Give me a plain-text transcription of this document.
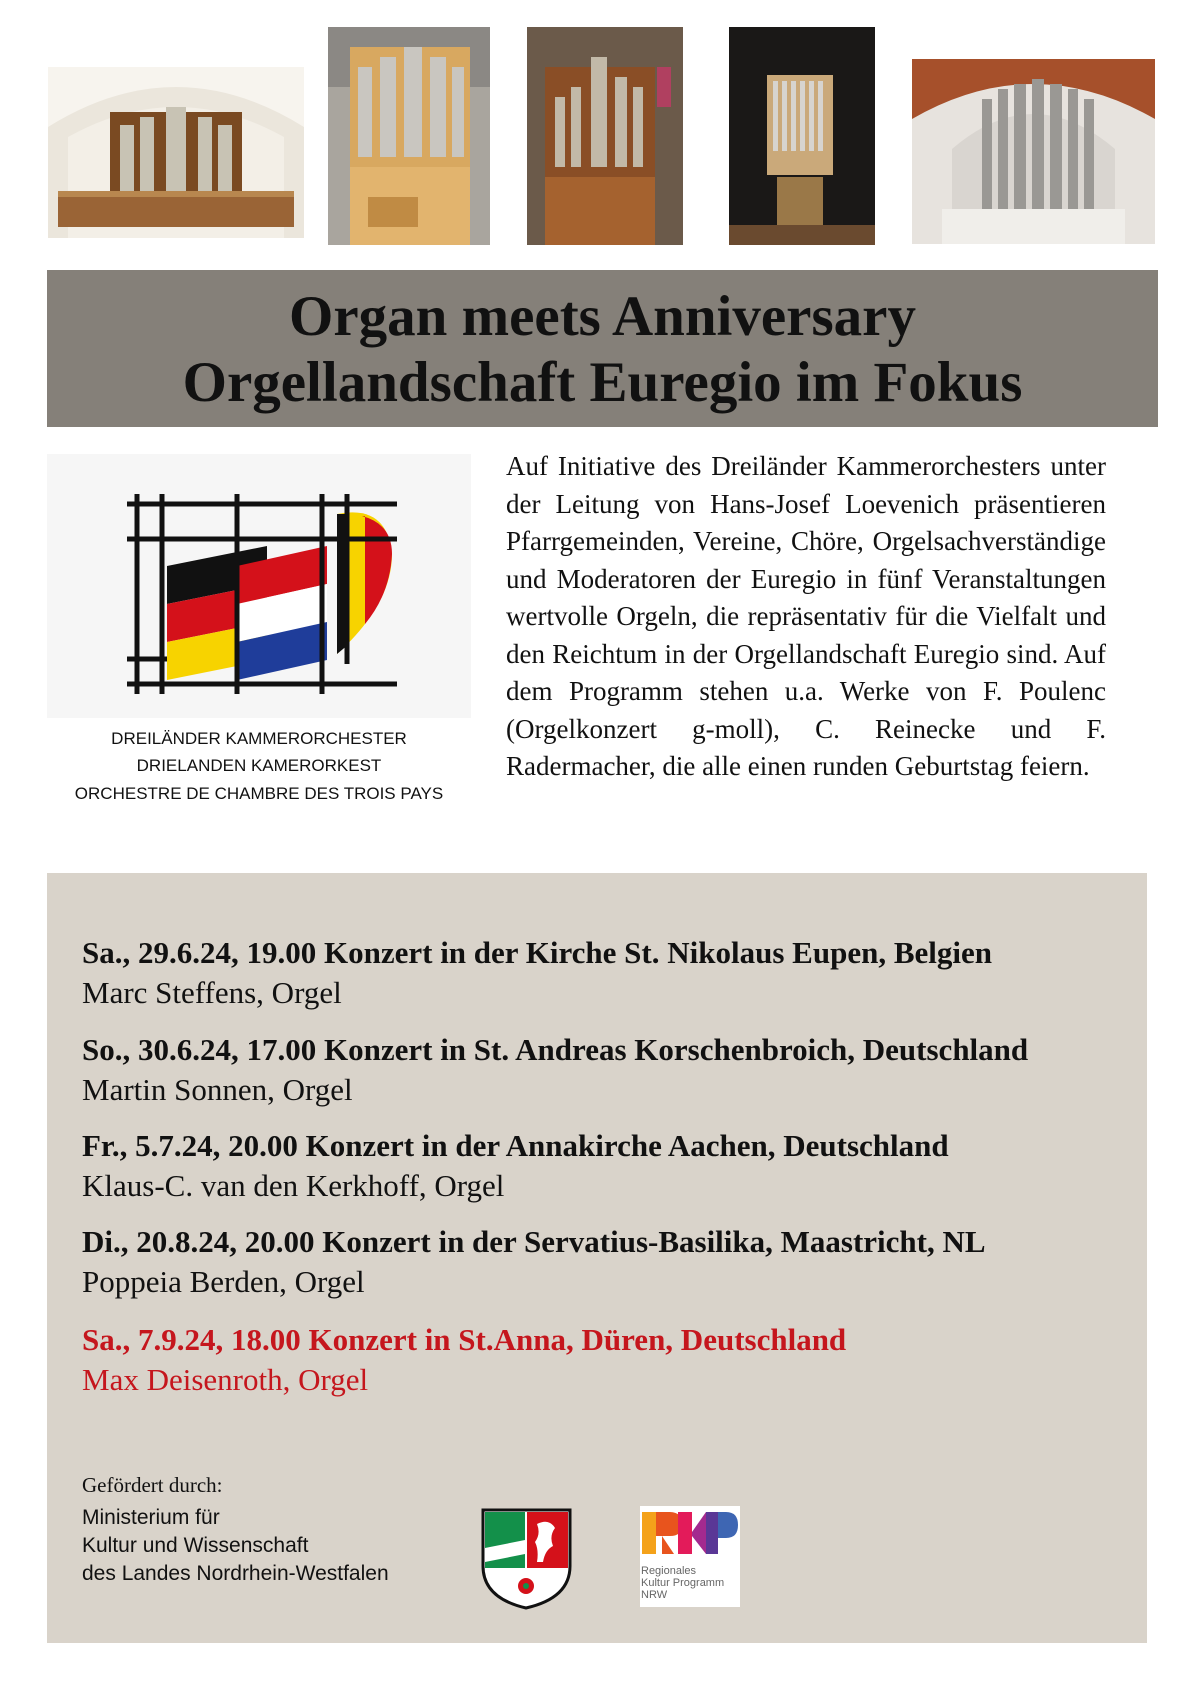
Organ meets Anniversary
Orgellandschaft Euregio im Fokus
DREILÄNDER KAMMERORCHESTER
DRIELANDEN KAMERORKEST
ORCHESTRE DE CHAMBRE DES TROIS PAYS
Auf Initiative des Dreiländer Kammerorchesters unter der Leitung von Hans-Josef Loevenich präsentieren Pfarrgemeinden, Vereine, Chöre, Orgelsachverständige und Moderatoren der Euregio in fünf Veranstaltungen wertvolle Orgeln, die repräsentativ für die Vielfalt und den Reichtum in der Orgellandschaft Euregio sind. Auf dem Programm stehen u.a. Werke von F. Poulenc (Orgelkonzert g-moll), C. Reinecke und F. Radermacher, die alle einen runden Geburtstag feiern.
Sa., 29.6.24, 19.00 Konzert in der Kirche St. Nikolaus Eupen, Belgien
Marc Steffens, Orgel
So., 30.6.24, 17.00 Konzert in St. Andreas Korschenbroich, Deutschland
Martin Sonnen, Orgel
Fr., 5.7.24, 20.00 Konzert in der Annakirche Aachen, Deutschland
Klaus-C. van den Kerkhoff, Orgel
Di., 20.8.24, 20.00 Konzert in der Servatius-Basilika, Maastricht, NL
Poppeia Berden, Orgel
Sa., 7.9.24, 18.00 Konzert in St.Anna, Düren, Deutschland
Max Deisenroth, Orgel
Gefördert durch:
Ministerium für
Kultur und Wissenschaft
des Landes Nordrhein-Westfalen	Regionales
Kultur Programm
NRW
